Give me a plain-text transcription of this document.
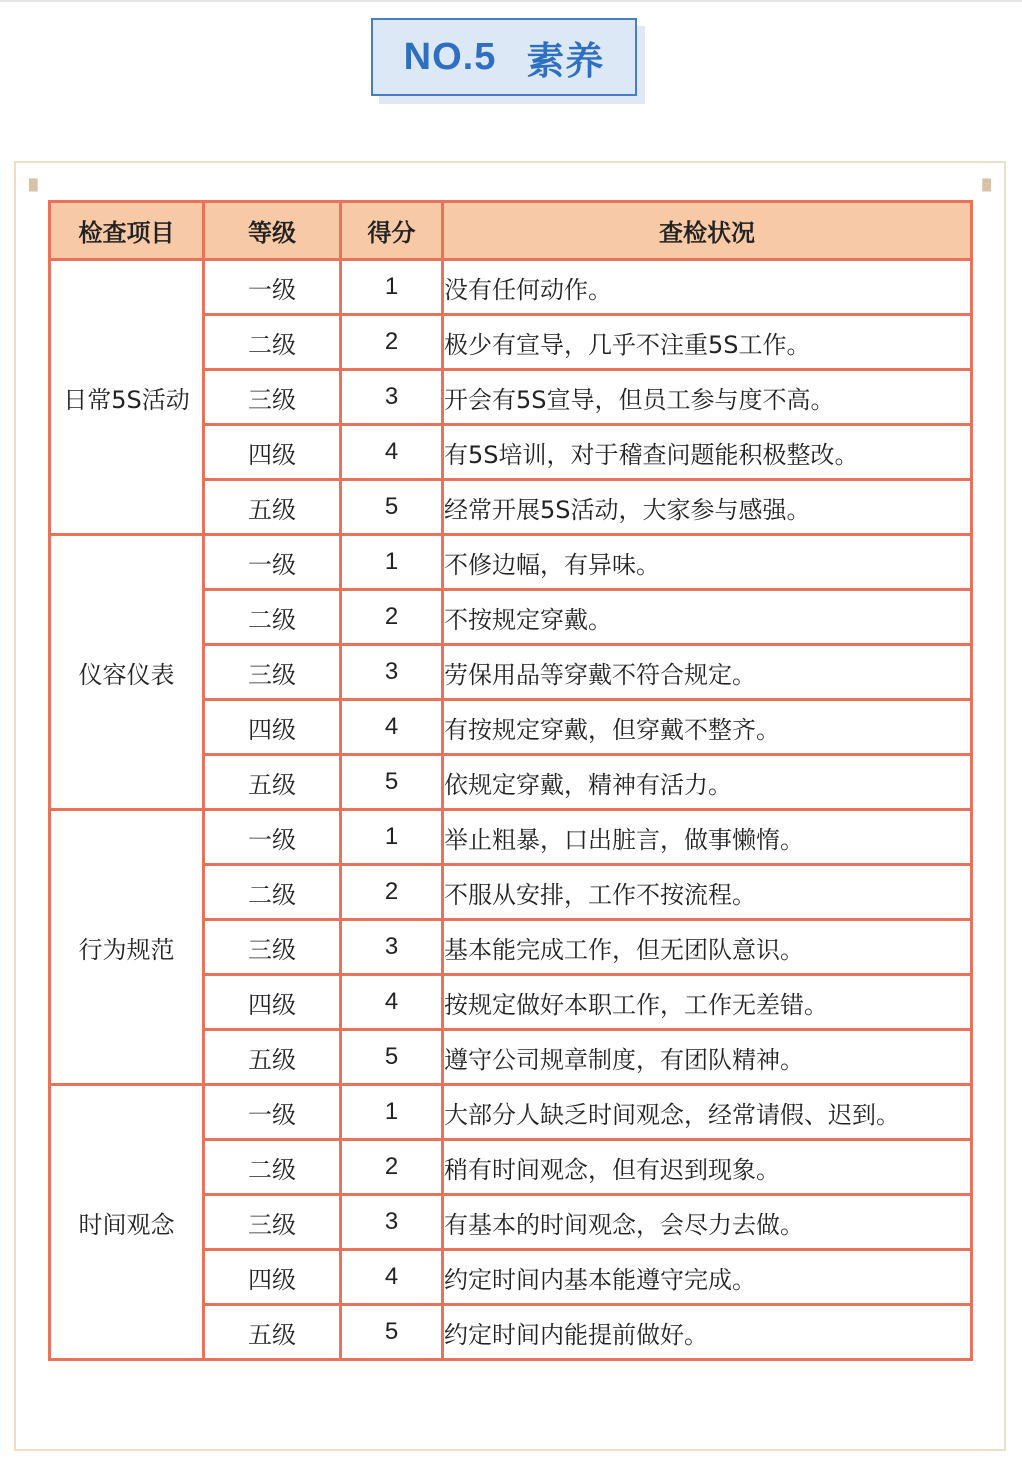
NO.5 素养
▗	▖
检查项目	等级	得分	查检状况
日常5S活动	一级	1	没有任何动作。
	二级	2	极少有宣导，几乎不注重5S工作。
	三级	3	开会有5S宣导，但员工参与度不高。
	四级	4	有5S培训，对于稽查问题能积极整改。
	五级	5	经常开展5S活动，大家参与感强。
仪容仪表	一级	1	不修边幅，有异味。
	二级	2	不按规定穿戴。
	三级	3	劳保用品等穿戴不符合规定。
	四级	4	有按规定穿戴，但穿戴不整齐。
	五级	5	依规定穿戴，精神有活力。
行为规范	一级	1	举止粗暴，口出脏言，做事懒惰。
	二级	2	不服从安排，工作不按流程。
	三级	3	基本能完成工作，但无团队意识。
	四级	4	按规定做好本职工作，工作无差错。
	五级	5	遵守公司规章制度，有团队精神。
时间观念	一级	1	大部分人缺乏时间观念，经常请假、迟到。
	二级	2	稍有时间观念，但有迟到现象。
	三级	3	有基本的时间观念，会尽力去做。
	四级	4	约定时间内基本能遵守完成。
	五级	5	约定时间内能提前做好。
